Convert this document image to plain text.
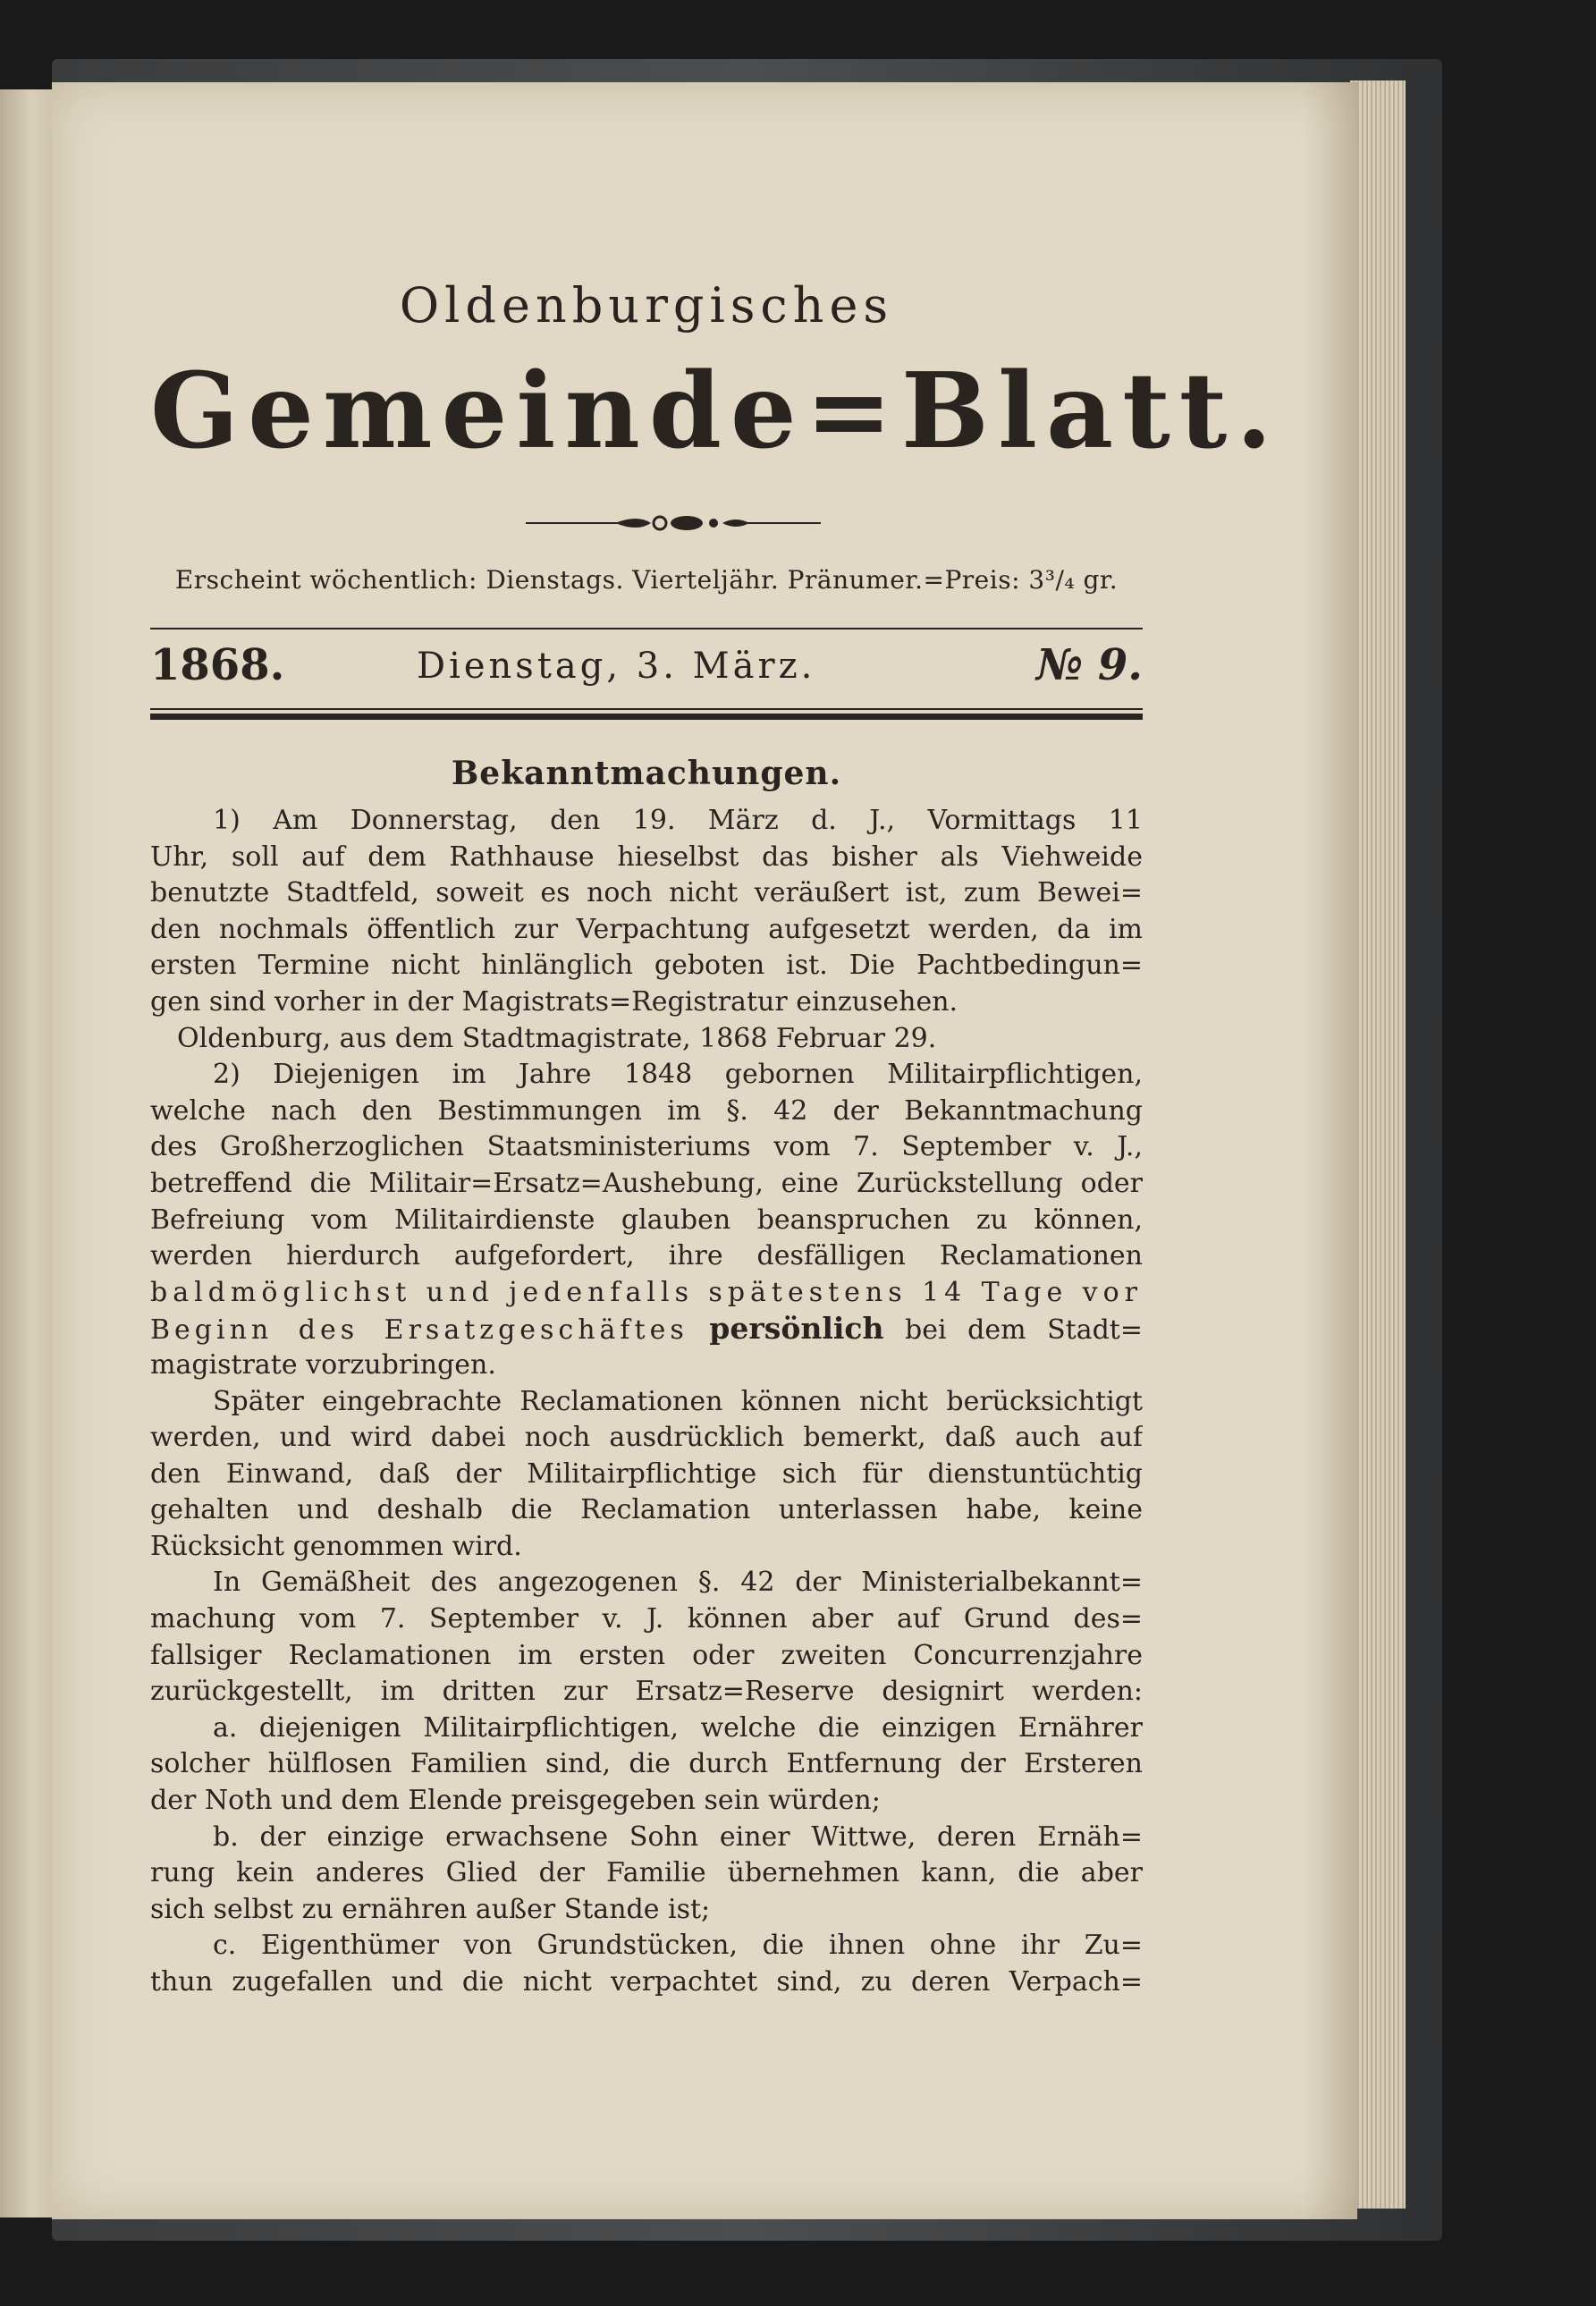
Oldenburgisches
Gemeinde=Blatt.
Erscheint wöchentlich: Dienstags. Vierteljähr. Pränumer.=Preis: 3³/₄ gr.
1868.	Dienstag, 3. März.	№ 9.
Bekanntmachungen.
1) Am Donnerstag, den 19. März d. J., Vormittags 11
Uhr, soll auf dem Rathhause hieselbst das bisher als Viehweide
benutzte Stadtfeld, soweit es noch nicht veräußert ist, zum Bewei=
den nochmals öffentlich zur Verpachtung aufgesetzt werden, da im
ersten Termine nicht hinlänglich geboten ist. Die Pachtbedingun=
gen sind vorher in der Magistrats=Registratur einzusehen.
Oldenburg, aus dem Stadtmagistrate, 1868 Februar 29.
2) Diejenigen im Jahre 1848 gebornen Militairpflichtigen,
welche nach den Bestimmungen im §. 42 der Bekanntmachung
des Großherzoglichen Staatsministeriums vom 7. September v. J.,
betreffend die Militair=Ersatz=Aushebung, eine Zurückstellung oder
Befreiung vom Militairdienste glauben beanspruchen zu können,
werden hierdurch aufgefordert, ihre desfälligen Reclamationen
baldmöglichst und jedenfalls spätestens 14 Tage vor
Beginn des Ersatzgeschäftes persönlich bei dem Stadt=
magistrate vorzubringen.
Später eingebrachte Reclamationen können nicht berücksichtigt
werden, und wird dabei noch ausdrücklich bemerkt, daß auch auf
den Einwand, daß der Militairpflichtige sich für dienstuntüchtig
gehalten und deshalb die Reclamation unterlassen habe, keine
Rücksicht genommen wird.
In Gemäßheit des angezogenen §. 42 der Ministerialbekannt=
machung vom 7. September v. J. können aber auf Grund des=
fallsiger Reclamationen im ersten oder zweiten Concurrenzjahre
zurückgestellt, im dritten zur Ersatz=Reserve designirt werden:
a. diejenigen Militairpflichtigen, welche die einzigen Ernährer
solcher hülflosen Familien sind, die durch Entfernung der Ersteren
der Noth und dem Elende preisgegeben sein würden;
b. der einzige erwachsene Sohn einer Wittwe, deren Ernäh=
rung kein anderes Glied der Familie übernehmen kann, die aber
sich selbst zu ernähren außer Stande ist;
c. Eigenthümer von Grundstücken, die ihnen ohne ihr Zu=
thun zugefallen und die nicht verpachtet sind, zu deren Verpach=
